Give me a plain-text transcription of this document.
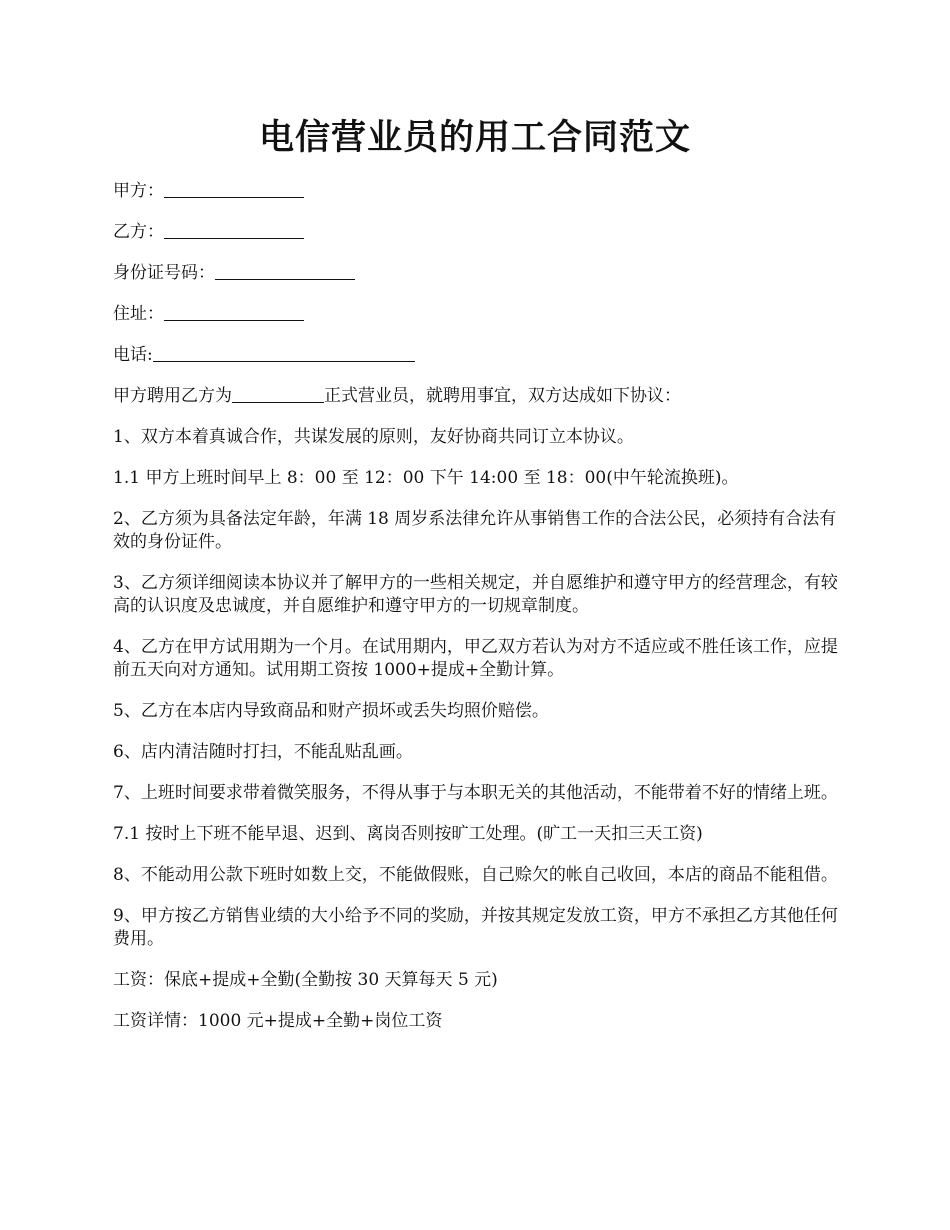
电信营业员的用工合同范文
甲方：
乙方：
身份证号码：
住址：
电话:
甲方聘用乙方为	正式营业员，就聘用事宜，双方达成如下协议：
1、双方本着真诚合作，共谋发展的原则，友好协商共同订立本协议。
1.1 甲方上班时间早上 8：00 至 12：00 下午 14:00 至 18：00(中午轮流换班)。
2、乙方须为具备法定年龄，年满 18 周岁系法律允许从事销售工作的合法公民，必须持有合法有效的身份证件。
3、乙方须详细阅读本协议并了解甲方的一些相关规定，并自愿维护和遵守甲方的经营理念，有较高的认识度及忠诚度，并自愿维护和遵守甲方的一切规章制度。
4、乙方在甲方试用期为一个月。在试用期内，甲乙双方若认为对方不适应或不胜任该工作，应提前五天向对方通知。试用期工资按 1000+提成+全勤计算。
5、乙方在本店内导致商品和财产损坏或丢失均照价赔偿。
6、店内清洁随时打扫，不能乱贴乱画。
7、上班时间要求带着微笑服务，不得从事于与本职无关的其他活动，不能带着不好的情绪上班。
7.1 按时上下班不能早退、迟到、离岗否则按旷工处理。(旷工一天扣三天工资)
8、不能动用公款下班时如数上交，不能做假账，自己赊欠的帐自己收回，本店的商品不能租借。
9、甲方按乙方销售业绩的大小给予不同的奖励，并按其规定发放工资，甲方不承担乙方其他任何费用。
工资：保底+提成+全勤(全勤按 30 天算每天 5 元)
工资详情：1000 元+提成+全勤+岗位工资
